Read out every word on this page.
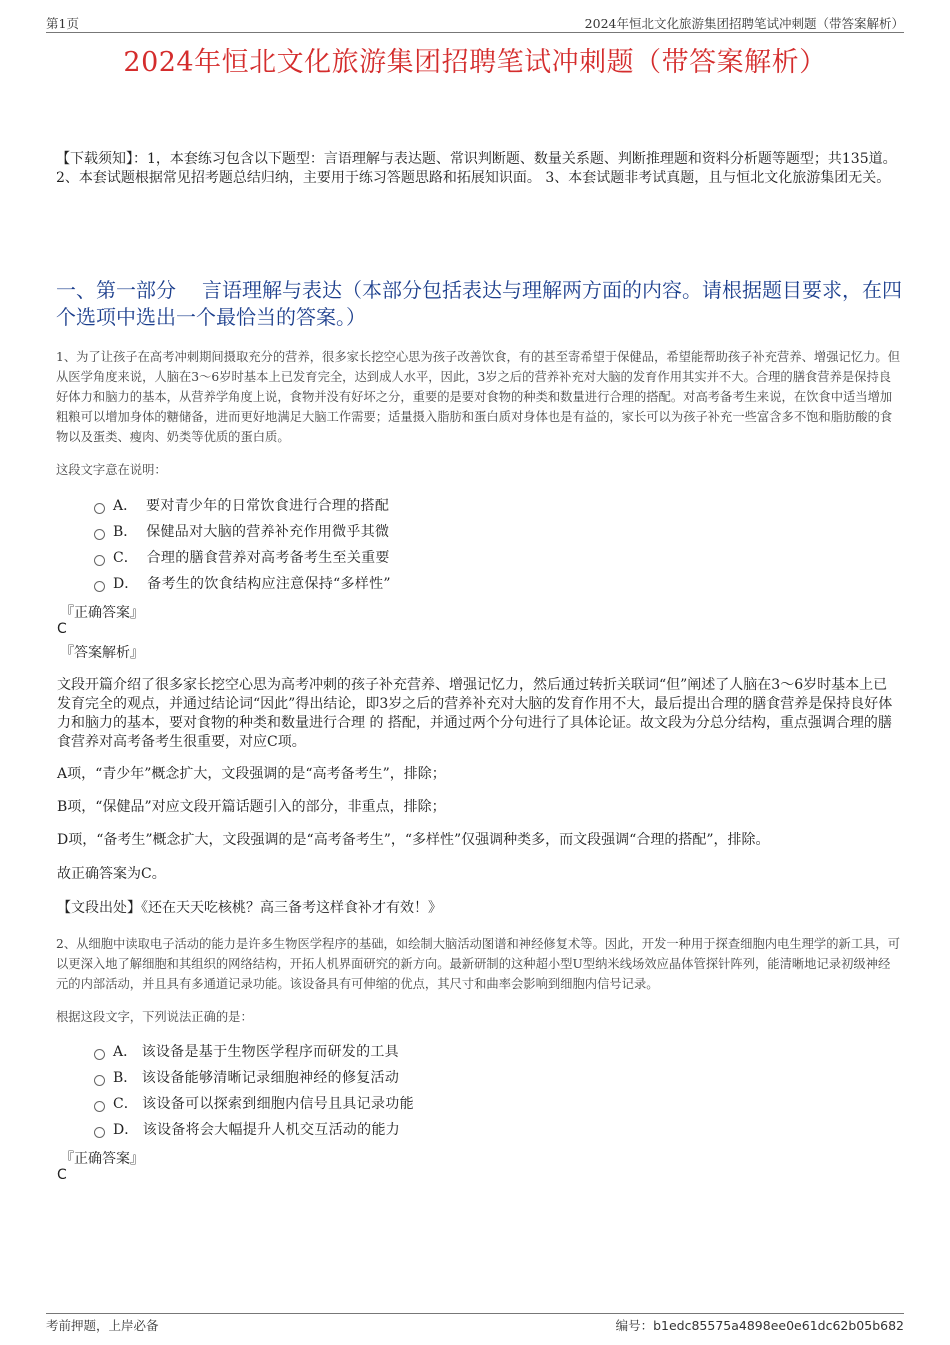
第1页	2024年恒北文化旅游集团招聘笔试冲刺题（带答案解析）
2024年恒北文化旅游集团招聘笔试冲刺题（带答案解析）
【下载须知】：1，本套练习包含以下题型：言语理解与表达题、常识判断题、数量关系题、判断推理题和资料分析题等题型；共135道。 2、本套试题根据常见招考题总结归纳，主要用于练习答题思路和拓展知识面。 3、本套试题非考试真题，且与恒北文化旅游集团无关。
一、第一部分 言语理解与表达（本部分包括表达与理解两方面的内容。请根据题目要求，在四个选项中选出一个最恰当的答案。）
1、为了让孩子在高考冲刺期间摄取充分的营养，很多家长挖空心思为孩子改善饮食，有的甚至寄希望于保健品，希望能帮助孩子补充营养、增强记忆力。但从医学角度来说，人脑在3～6岁时基本上已发育完全，达到成人水平，因此，3岁之后的营养补充对大脑的发育作用其实并不大。合理的膳食营养是保持良好体力和脑力的基本，从营养学角度上说，食物并没有好坏之分，重要的是要对食物的种类和数量进行合理的搭配。对高考备考生来说，在饮食中适当增加粗粮可以增加身体的糖储备，进而更好地满足大脑工作需要；适量摄入脂肪和蛋白质对身体也是有益的，家长可以为孩子补充一些富含多不饱和脂肪酸的食物以及蛋类、瘦肉、奶类等优质的蛋白质。
这段文字意在说明：
A． 要对青少年的日常饮食进行合理的搭配
B． 保健品对大脑的营养补充作用微乎其微
C． 合理的膳食营养对高考备考生至关重要
D． 备考生的饮食结构应注意保持“多样性”
『正确答案』
C
『答案解析』
文段开篇介绍了很多家长挖空心思为高考冲刺的孩子补充营养、增强记忆力，然后通过转折关联词“但”阐述了人脑在3～6岁时基本上已发育完全的观点，并通过结论词“因此”得出结论，即3岁之后的营养补充对大脑的发育作用不大，最后提出合理的膳食营养是保持良好体力和脑力的基本，要对食物的种类和数量进行合理 的 搭配，并通过两个分句进行了具体论证。故文段为分总分结构，重点强调合理的膳食营养对高考备考生很重要，对应C项。
A项，“青少年”概念扩大，文段强调的是“高考备考生”，排除；
B项，“保健品”对应文段开篇话题引入的部分，非重点，排除；
D项，“备考生”概念扩大，文段强调的是“高考备考生”，“多样性”仅强调种类多，而文段强调“合理的搭配”，排除。
故正确答案为C。
【文段出处】《还在天天吃核桃？高三备考这样食补才有效！》
2、从细胞中读取电子活动的能力是许多生物医学程序的基础，如绘制大脑活动图谱和神经修复术等。因此，开发一种用于探查细胞内电生理学的新工具，可以更深入地了解细胞和其组织的网络结构，开拓人机界面研究的新方向。最新研制的这种超小型U型纳米线场效应晶体管探针阵列，能清晰地记录初级神经元的内部活动，并且具有多通道记录功能。该设备具有可伸缩的优点，其尺寸和曲率会影响到细胞内信号记录。
根据这段文字，下列说法正确的是：
A． 该设备是基于生物医学程序而研发的工具
B． 该设备能够清晰记录细胞神经的修复活动
C． 该设备可以探索到细胞内信号且具记录功能
D． 该设备将会大幅提升人机交互活动的能力
『正确答案』
C
考前押题，上岸必备	编号：b1edc85575a4898ee0e61dc62b05b682
